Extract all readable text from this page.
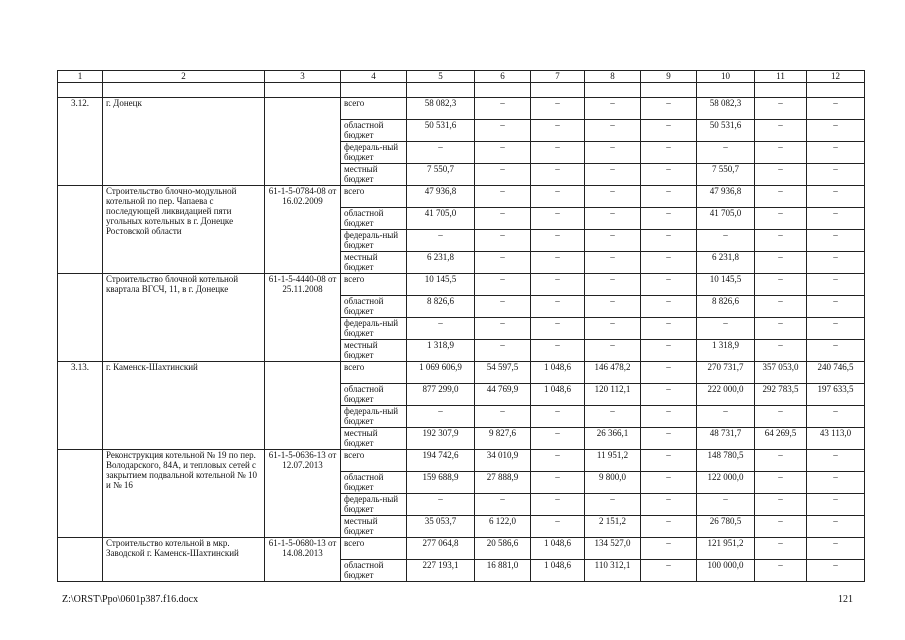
1	2	3	4	5	6	7	8	9	10	11	12

3.12.	г. Донецк		всего	58 082,3	–	–	–	–	58 082,3	–	–
			областной бюджет	50 531,6	–	–	–	–	50 531,6	–	–
			федераль-ный бюджет	–	–	–	–	–	–	–	–
			местный бюджет	7 550,7	–	–	–	–	7 550,7	–	–
	Строительство блочно-модульной котельной по пер. Чапаева с последующей ликвидацией пяти угольных котельных в г. Донецке Ростовской области	61-1-5-0784-08 от 16.02.2009	всего	47 936,8	–	–	–	–	47 936,8	–	–
			областной бюджет	41 705,0	–	–	–	–	41 705,0	–	–
			федераль-ный бюджет	–	–	–	–	–	–	–	–
			местный бюджет	6 231,8	–	–	–	–	6 231,8	–	–
	Строительство блочной котельной квартала ВГСЧ, 11, в г. Донецке	61-1-5-4440-08 от 25.11.2008	всего	10 145,5	–	–	–	–	10 145,5	–	–
			областной бюджет	8 826,6	–	–	–	–	8 826,6	–	–
			федераль-ный бюджет	–	–	–	–	–	–	–	–
			местный бюджет	1 318,9	–	–	–	–	1 318,9	–	–
3.13.	г. Каменск-Шахтинский		всего	1 069 606,9	54 597,5	1 048,6	146 478,2	–	270 731,7	357 053,0	240 746,5
			областной бюджет	877 299,0	44 769,9	1 048,6	120 112,1	–	222 000,0	292 783,5	197 633,5
			федераль-ный бюджет	–	–	–	–	–	–	–	–
			местный бюджет	192 307,9	9 827,6	–	26 366,1	–	48 731,7	64 269,5	43 113,0
	Реконструкция котельной № 19 по пер. Володарского, 84А, и тепловых сетей с закрытием подвальной котельной № 10 и № 16	61-1-5-0636-13 от 12.07.2013	всего	194 742,6	34 010,9	–	11 951,2	–	148 780,5	–	–
			областной бюджет	159 688,9	27 888,9	–	9 800,0	–	122 000,0	–	–
			федераль-ный бюджет	–	–	–	–	–	–	–	–
			местный бюджет	35 053,7	6 122,0	–	2 151,2	–	26 780,5	–	–
	Строительство котельной в мкр. Заводской г. Каменск-Шахтинский	61-1-5-0680-13 от 14.08.2013	всего	277 064,8	20 586,6	1 048,6	134 527,0	–	121 951,2	–	–
			областной бюджет	227 193,1	16 881,0	1 048,6	110 312,1	–	100 000,0	–	–
Z:\ORST\Ppo\0601p387.f16.docx	121
